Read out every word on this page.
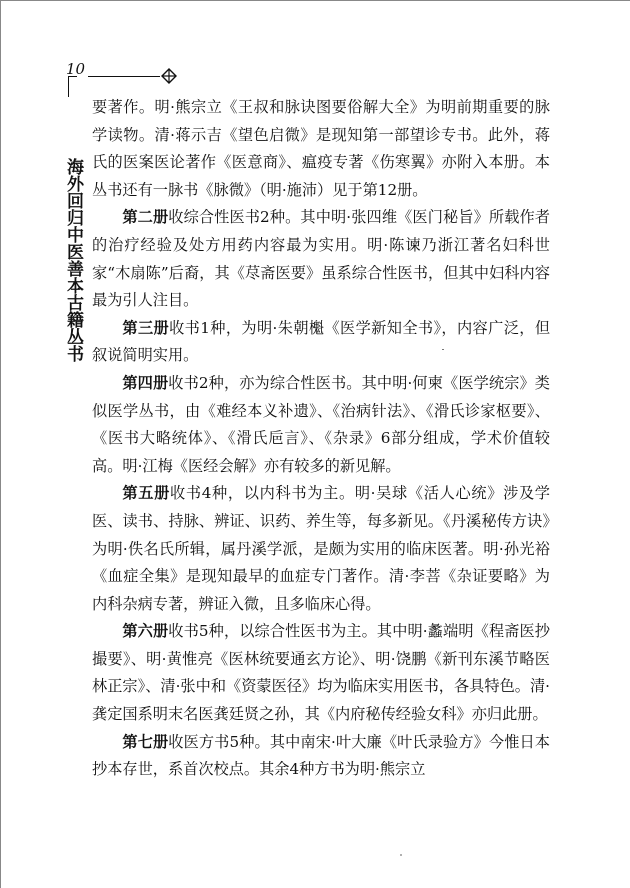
10
海外回归中医善本古籍丛书

要著作。明·熊宗立《王叔和脉诀图要俗解大全》为明前期重要的脉学读物。清·蒋示吉《望色启微》是现知第一部望诊专书。此外，蒋氏的医案医论著作《医意商》、瘟疫专著《伤寒翼》亦附入本册。本丛书还有一脉书《脉微》（明·施沛）见于第12册。

第二册收综合性医书2种。其中明·张四维《医门秘旨》所载作者的治疗经验及处方用药内容最为实用。明·陈谏乃浙江著名妇科世家“木扇陈”后裔，其《荩斋医要》虽系综合性医书，但其中妇科内容最为引人注目。

第三册收书1种，为明·朱朝櫆《医学新知全书》，内容广泛，但叙说简明实用。

第四册收书2种，亦为综合性医书。其中明·何柬《医学统宗》类似医学丛书，由《难经本义补遗》、《治病针法》、《滑氏诊家枢要》、《医书大略统体》、《滑氏巵言》、《杂录》6部分组成，学术价值较高。明·江梅《医经会解》亦有较多的新见解。

第五册收书4种，以内科书为主。明·吴球《活人心统》涉及学医、读书、持脉、辨证、识药、养生等，每多新见。《丹溪秘传方诀》为明·佚名氏所辑，属丹溪学派，是颇为实用的临床医著。明·孙光裕《血症全集》是现知最早的血症专门著作。清·李菩《杂证要略》为内科杂病专著，辨证入微，且多临床心得。

第六册收书5种，以综合性医书为主。其中明·蠡端明《程斋医抄撮要》、明·黄惟亮《医林统要通玄方论》、明·饶鹏《新刊东溪节略医林正宗》、清·张中和《资蒙医径》均为临床实用医书，各具特色。清·龚定国系明末名医龚廷贤之孙，其《内府秘传经验女科》亦归此册。

第七册收医方书5种。其中南宋·叶大廉《叶氏录验方》今惟日本抄本存世，系首次校点。其余4种方书为明·熊宗立
